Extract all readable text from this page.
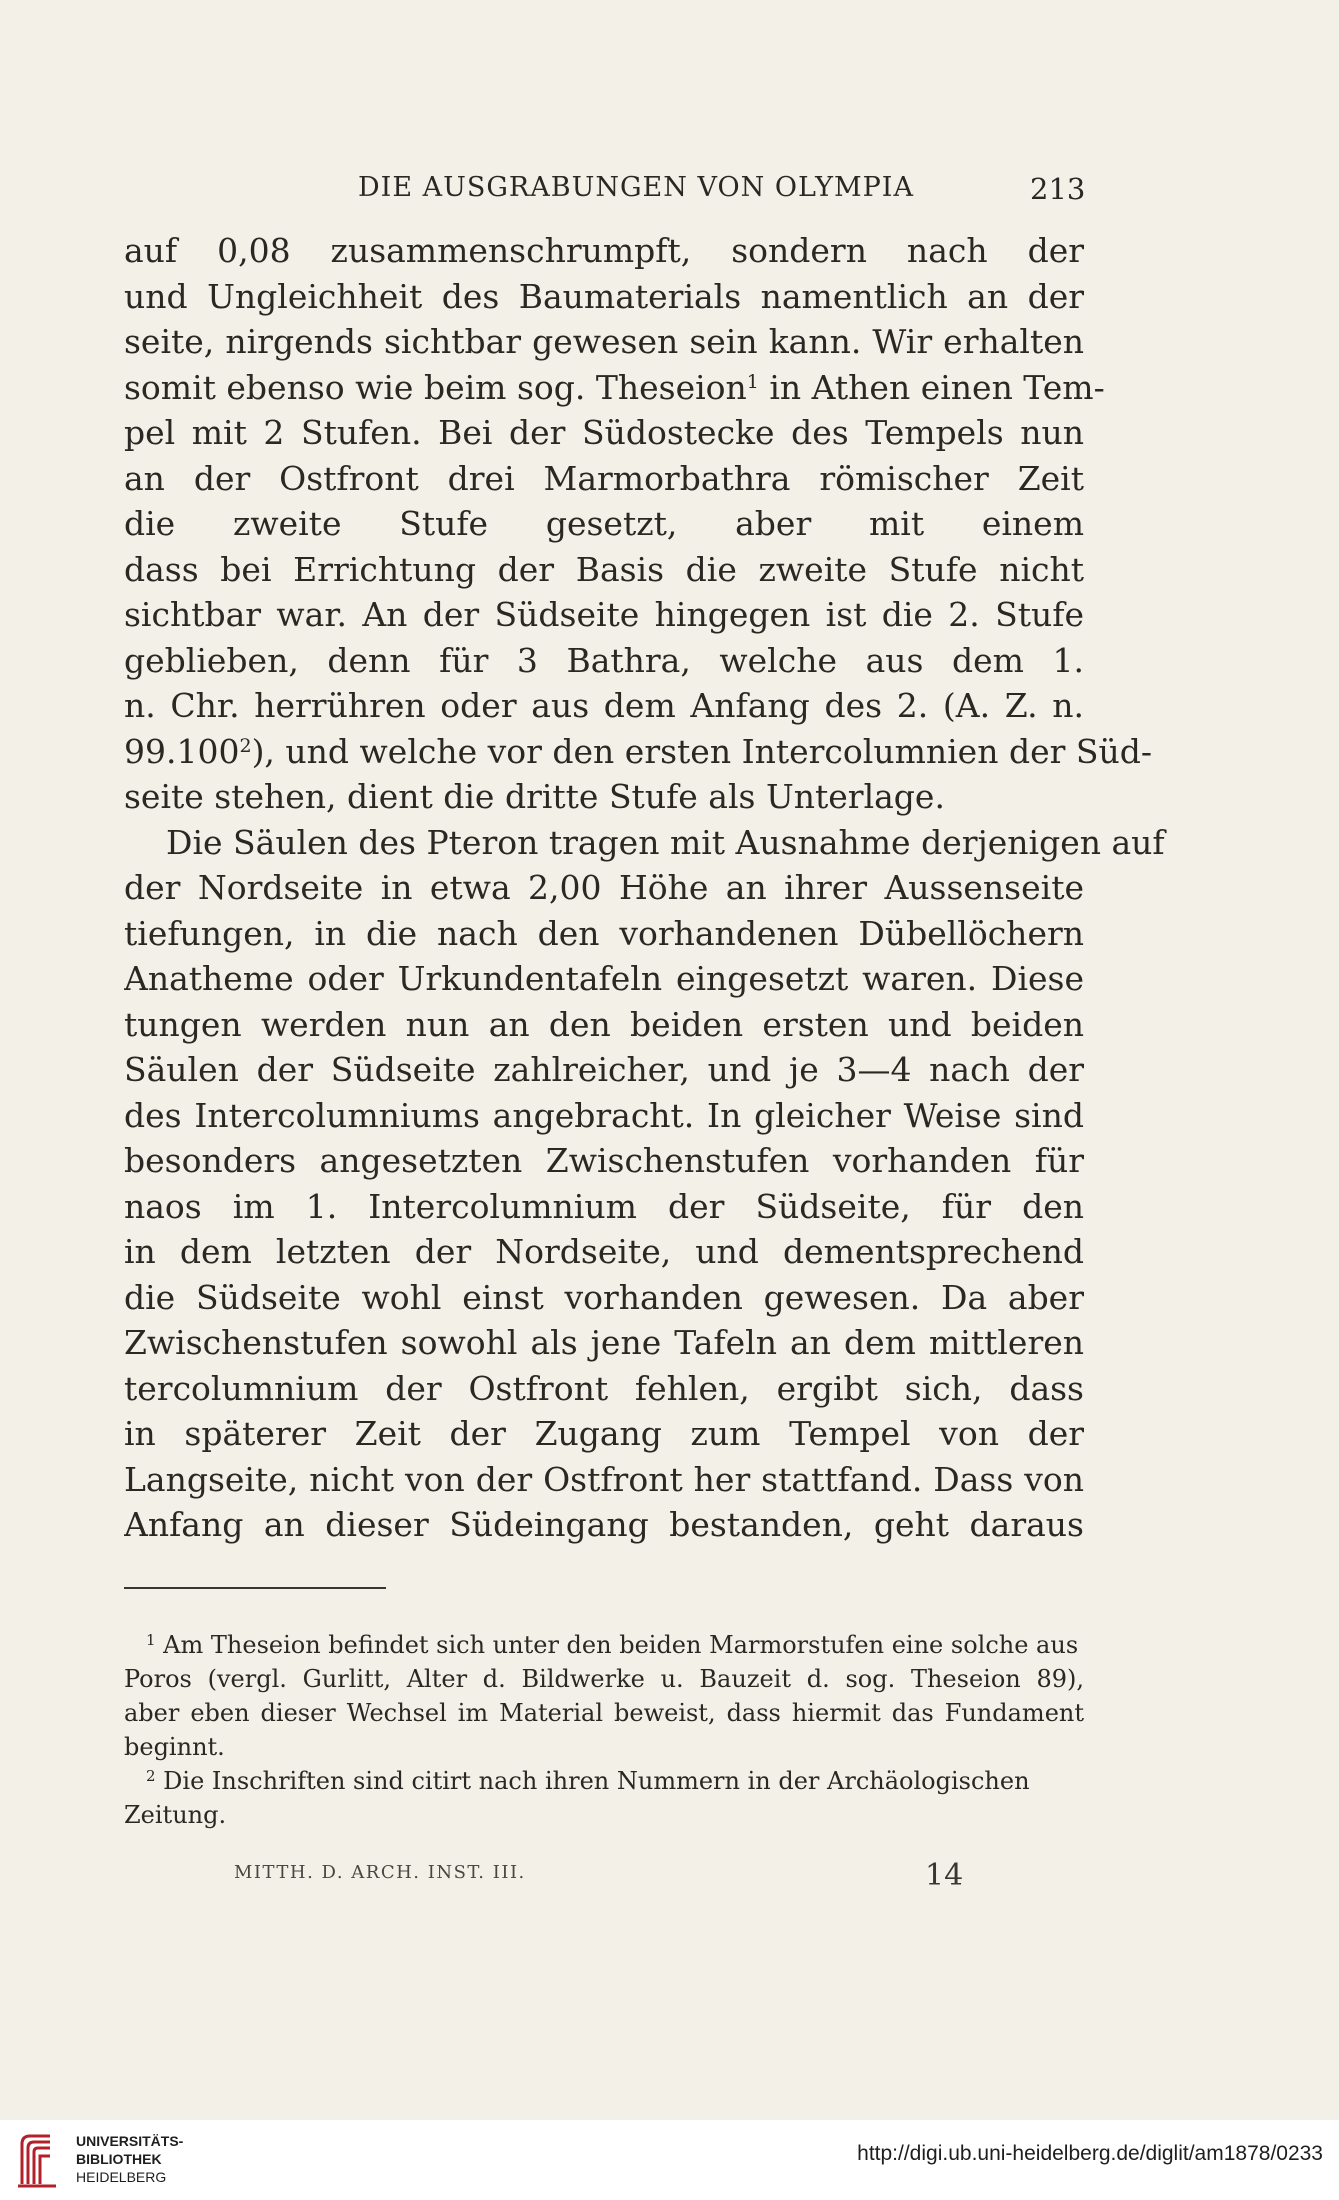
DIE AUSGRABUNGEN VON OLYMPIA	213
auf 0,08 zusammenschrumpft, sondern nach der
und Ungleichheit des Baumaterials namentlich an der
seite, nirgends sichtbar gewesen sein kann. Wir erhalten
somit ebenso wie beim sog. Theseion$^1$ in Athen einen Tem-
pel mit 2 Stufen. Bei der Südostecke des Tempels nun
an der Ostfront drei Marmorbathra römischer Zeit
die zweite Stufe gesetzt, aber mit einem
dass bei Errichtung der Basis die zweite Stufe nicht
sichtbar war. An der Südseite hingegen ist die 2. Stufe
geblieben, denn für 3 Bathra, welche aus dem 1.
n. Chr. herrühren oder aus dem Anfang des 2. (A. Z. n.
99.100$^2$), und welche vor den ersten Intercolumnien der Süd-
seite stehen, dient die dritte Stufe als Unterlage.
Die Säulen des Pteron tragen mit Ausnahme derjenigen auf
der Nordseite in etwa 2,00 Höhe an ihrer Aussenseite
tiefungen, in die nach den vorhandenen Dübellöchern
Anatheme oder Urkundentafeln eingesetzt waren. Diese
tungen werden nun an den beiden ersten und beiden
Säulen der Südseite zahlreicher, und je 3—4 nach der
des Intercolumniums angebracht. In gleicher Weise sind
besonders angesetzten Zwischenstufen vorhanden für
naos im 1. Intercolumnium der Südseite, für den
in dem letzten der Nordseite, und dementsprechend
die Südseite wohl einst vorhanden gewesen. Da aber
Zwischenstufen sowohl als jene Tafeln an dem mittleren
tercolumnium der Ostfront fehlen, ergibt sich, dass
in späterer Zeit der Zugang zum Tempel von der
Langseite, nicht von der Ostfront her stattfand. Dass von
Anfang an dieser Südeingang bestanden, geht daraus
$^1$ Am Theseion befindet sich unter den beiden Marmorstufen eine solche aus
Poros (vergl. Gurlitt, Alter d. Bildwerke u. Bauzeit d. sog. Theseion 89),
aber eben dieser Wechsel im Material beweist, dass hiermit das Fundament
beginnt.
$^2$ Die Inschriften sind citirt nach ihren Nummern in der Archäologischen
Zeitung.
MITTH. D. ARCH. INST. III.	14
UNIVERSITÄTS-
BIBLIOTHEK
HEIDELBERG
http://digi.ub.uni-heidelberg.de/diglit/am1878/0233
